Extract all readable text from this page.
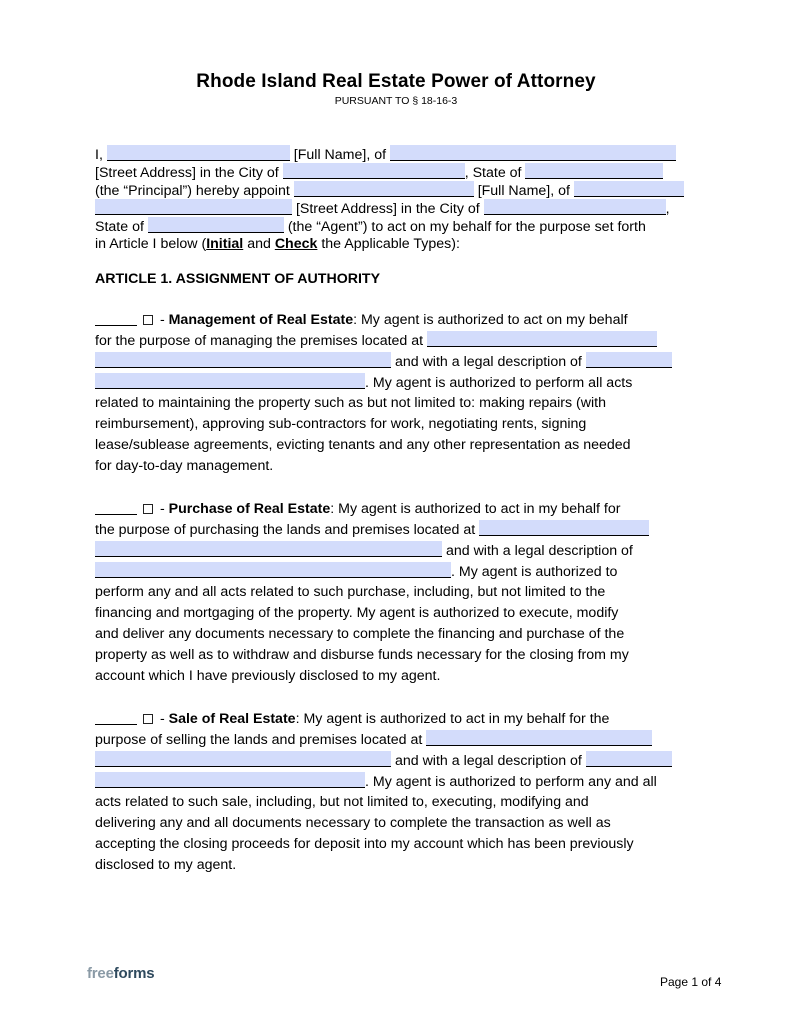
Rhode Island Real Estate Power of Attorney
PURSUANT TO § 18-16-3
I,	[Full Name], of
[Street Address] in the City of	, State of
(the “Principal”) hereby appoint	[Full Name], of
[Street Address] in the City of	,
State of	(the “Agent”) to act on my behalf for the purpose set forth
in Article I below (Initial and Check the Applicable Types):
ARTICLE 1. ASSIGNMENT OF AUTHORITY
- Management of Real Estate: My agent is authorized to act on my behalf
for the purpose of managing the premises located at
and with a legal description of
. My agent is authorized to perform all acts
related to maintaining the property such as but not limited to: making repairs (with
reimbursement), approving sub-contractors for work, negotiating rents, signing
lease/sublease agreements, evicting tenants and any other representation as needed
for day-to-day management.
- Purchase of Real Estate: My agent is authorized to act in my behalf for
the purpose of purchasing the lands and premises located at
and with a legal description of
. My agent is authorized to
perform any and all acts related to such purchase, including, but not limited to the
financing and mortgaging of the property. My agent is authorized to execute, modify
and deliver any documents necessary to complete the financing and purchase of the
property as well as to withdraw and disburse funds necessary for the closing from my
account which I have previously disclosed to my agent.
- Sale of Real Estate: My agent is authorized to act in my behalf for the
purpose of selling the lands and premises located at
and with a legal description of
. My agent is authorized to perform any and all
acts related to such sale, including, but not limited to, executing, modifying and
delivering any and all documents necessary to complete the transaction as well as
accepting the closing proceeds for deposit into my account which has been previously
disclosed to my agent.
freeforms	Page 1 of 4
